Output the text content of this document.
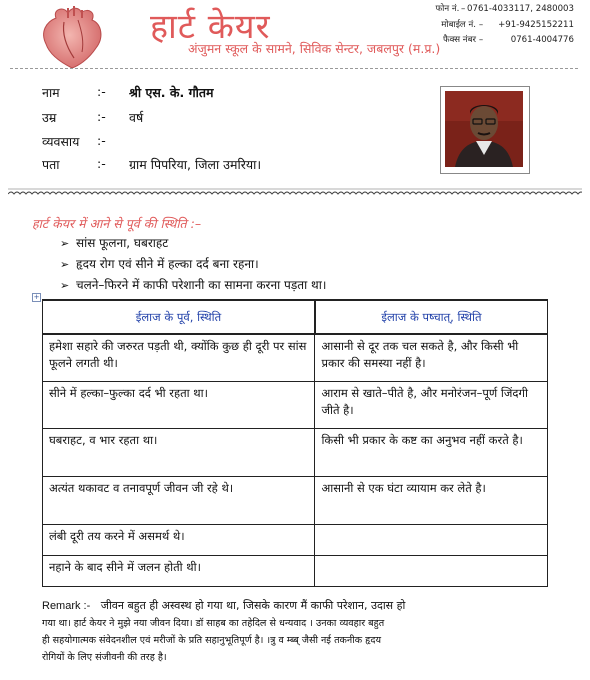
हार्ट केयर
अंजुमन स्कूल के सामने, सिविक सेन्टर, जबलपुर (म.प्र.)
फोन नं. – 0761-4033117, 2480003
मोबाईल नं. –	+91-9425152211
फैक्स नंबर –	0761-4004776
नाम	:- श्री एस. के. गौतम
उम्र	:- वर्ष
व्यवसाय	:-
पता	:- ग्राम पिपरिया, जिला उमरिया।
हार्ट केयर में आने से पूर्व की स्थिति :–
➢ सांस फूलना, घबराहट
➢ हृदय रोग एवं सीने में हल्का दर्द बना रहना।
➢ चलने–फिरने में काफी परेशानी का सामना करना पड़ता था।
+
ईलाज के पूर्व, स्थिति	ईलाज के पष्चात्, स्थिति
हमेशा सहारे की जरुरत पड़ती थी, क्योंकि कुछ ही दूरी पर सांस फूलने लगती थी।	आसानी से दूर तक चल सकते है, और किसी भी प्रकार की समस्या नहीं है।
सीने में हल्का–फुल्का दर्द भी रहता था।	आराम से खाते–पीते है, और मनोरंजन–पूर्ण जिंदगी जीते है।
घबराहट, व भार रहता था।	किसी भी प्रकार के कष्ट का अनुभव नहीं करते है।
अत्यंत थकावट व तनावपूर्ण जीवन जी रहे थे।	आसानी से एक घंटा व्यायाम कर लेते है।
लंबी दूरी तय करने में असमर्थ थे।	
नहाने के बाद सीने में जलन होती थी।	
Remark :- जीवन बहुत ही अस्वस्थ हो गया था, जिसके कारण मैं काफी परेशान, उदास हो
गया था। हार्ट केयर ने मुझे नया जीवन दिया। डॉ साहब का तहेदिल से धन्यवाद । उनका व्यवहार बहुत
ही सहयोगात्मक संवेदनशील एवं मरीजों के प्रति सहानुभूतिपूर्ण है। ।त्रु व म्ब्ब् जैसी नई तकनीक हृदय
रोगियों के लिए संजीवनी की तरह है।
